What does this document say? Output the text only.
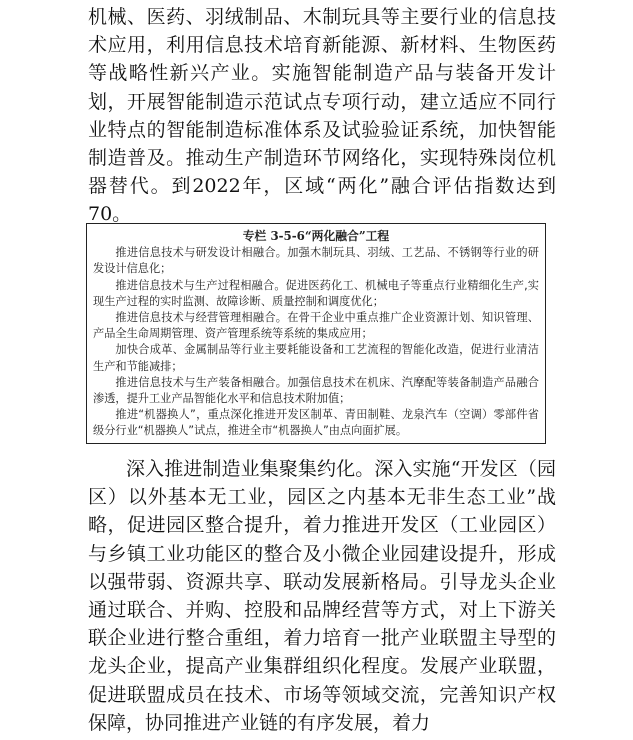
机械、医药、羽绒制品、木制玩具等主要行业的信息技术应用，利用信息技术培育新能源、新材料、生物医药等战略性新兴产业。实施智能制造产品与装备开发计划，开展智能制造示范试点专项行动，建立适应不同行业特点的智能制造标准体系及试验验证系统，加快智能制造普及。推动生产制造环节网络化，实现特殊岗位机器替代。到2022年，区域“两化”融合评估指数达到70。

专栏 3-5-6“两化融合”工程

推进信息技术与研发设计相融合。加强木制玩具、羽绒、工艺品、不锈钢等行业的研发设计信息化；

推进信息技术与生产过程相融合。促进医药化工、机械电子等重点行业精细化生产,实现生产过程的实时监测、故障诊断、质量控制和调度优化；

推进信息技术与经营管理相融合。在骨干企业中重点推广企业资源计划、知识管理、产品全生命周期管理、资产管理系统等系统的集成应用；

加快合成革、金属制品等行业主要耗能设备和工艺流程的智能化改造，促进行业清洁生产和节能减排；

推进信息技术与生产装备相融合。加强信息技术在机床、汽摩配等装备制造产品融合渗透，提升工业产品智能化水平和信息技术附加值；

推进“机器换人”，重点深化推进开发区制革、青田制鞋、龙泉汽车（空调）零部件省级分行业“机器换人”试点，推进全市“机器换人”由点向面扩展。

深入推进制造业集聚集约化。深入实施“开发区（园区）以外基本无工业，园区之内基本无非生态工业”战略，促进园区整合提升，着力推进开发区（工业园区）与乡镇工业功能区的整合及小微企业园建设提升，形成以强带弱、资源共享、联动发展新格局。引导龙头企业通过联合、并购、控股和品牌经营等方式，对上下游关联企业进行整合重组，着力培育一批产业联盟主导型的龙头企业，提高产业集群组织化程度。发展产业联盟，促进联盟成员在技术、市场等领域交流，完善知识产权保障，协同推进产业链的有序发展，着力
